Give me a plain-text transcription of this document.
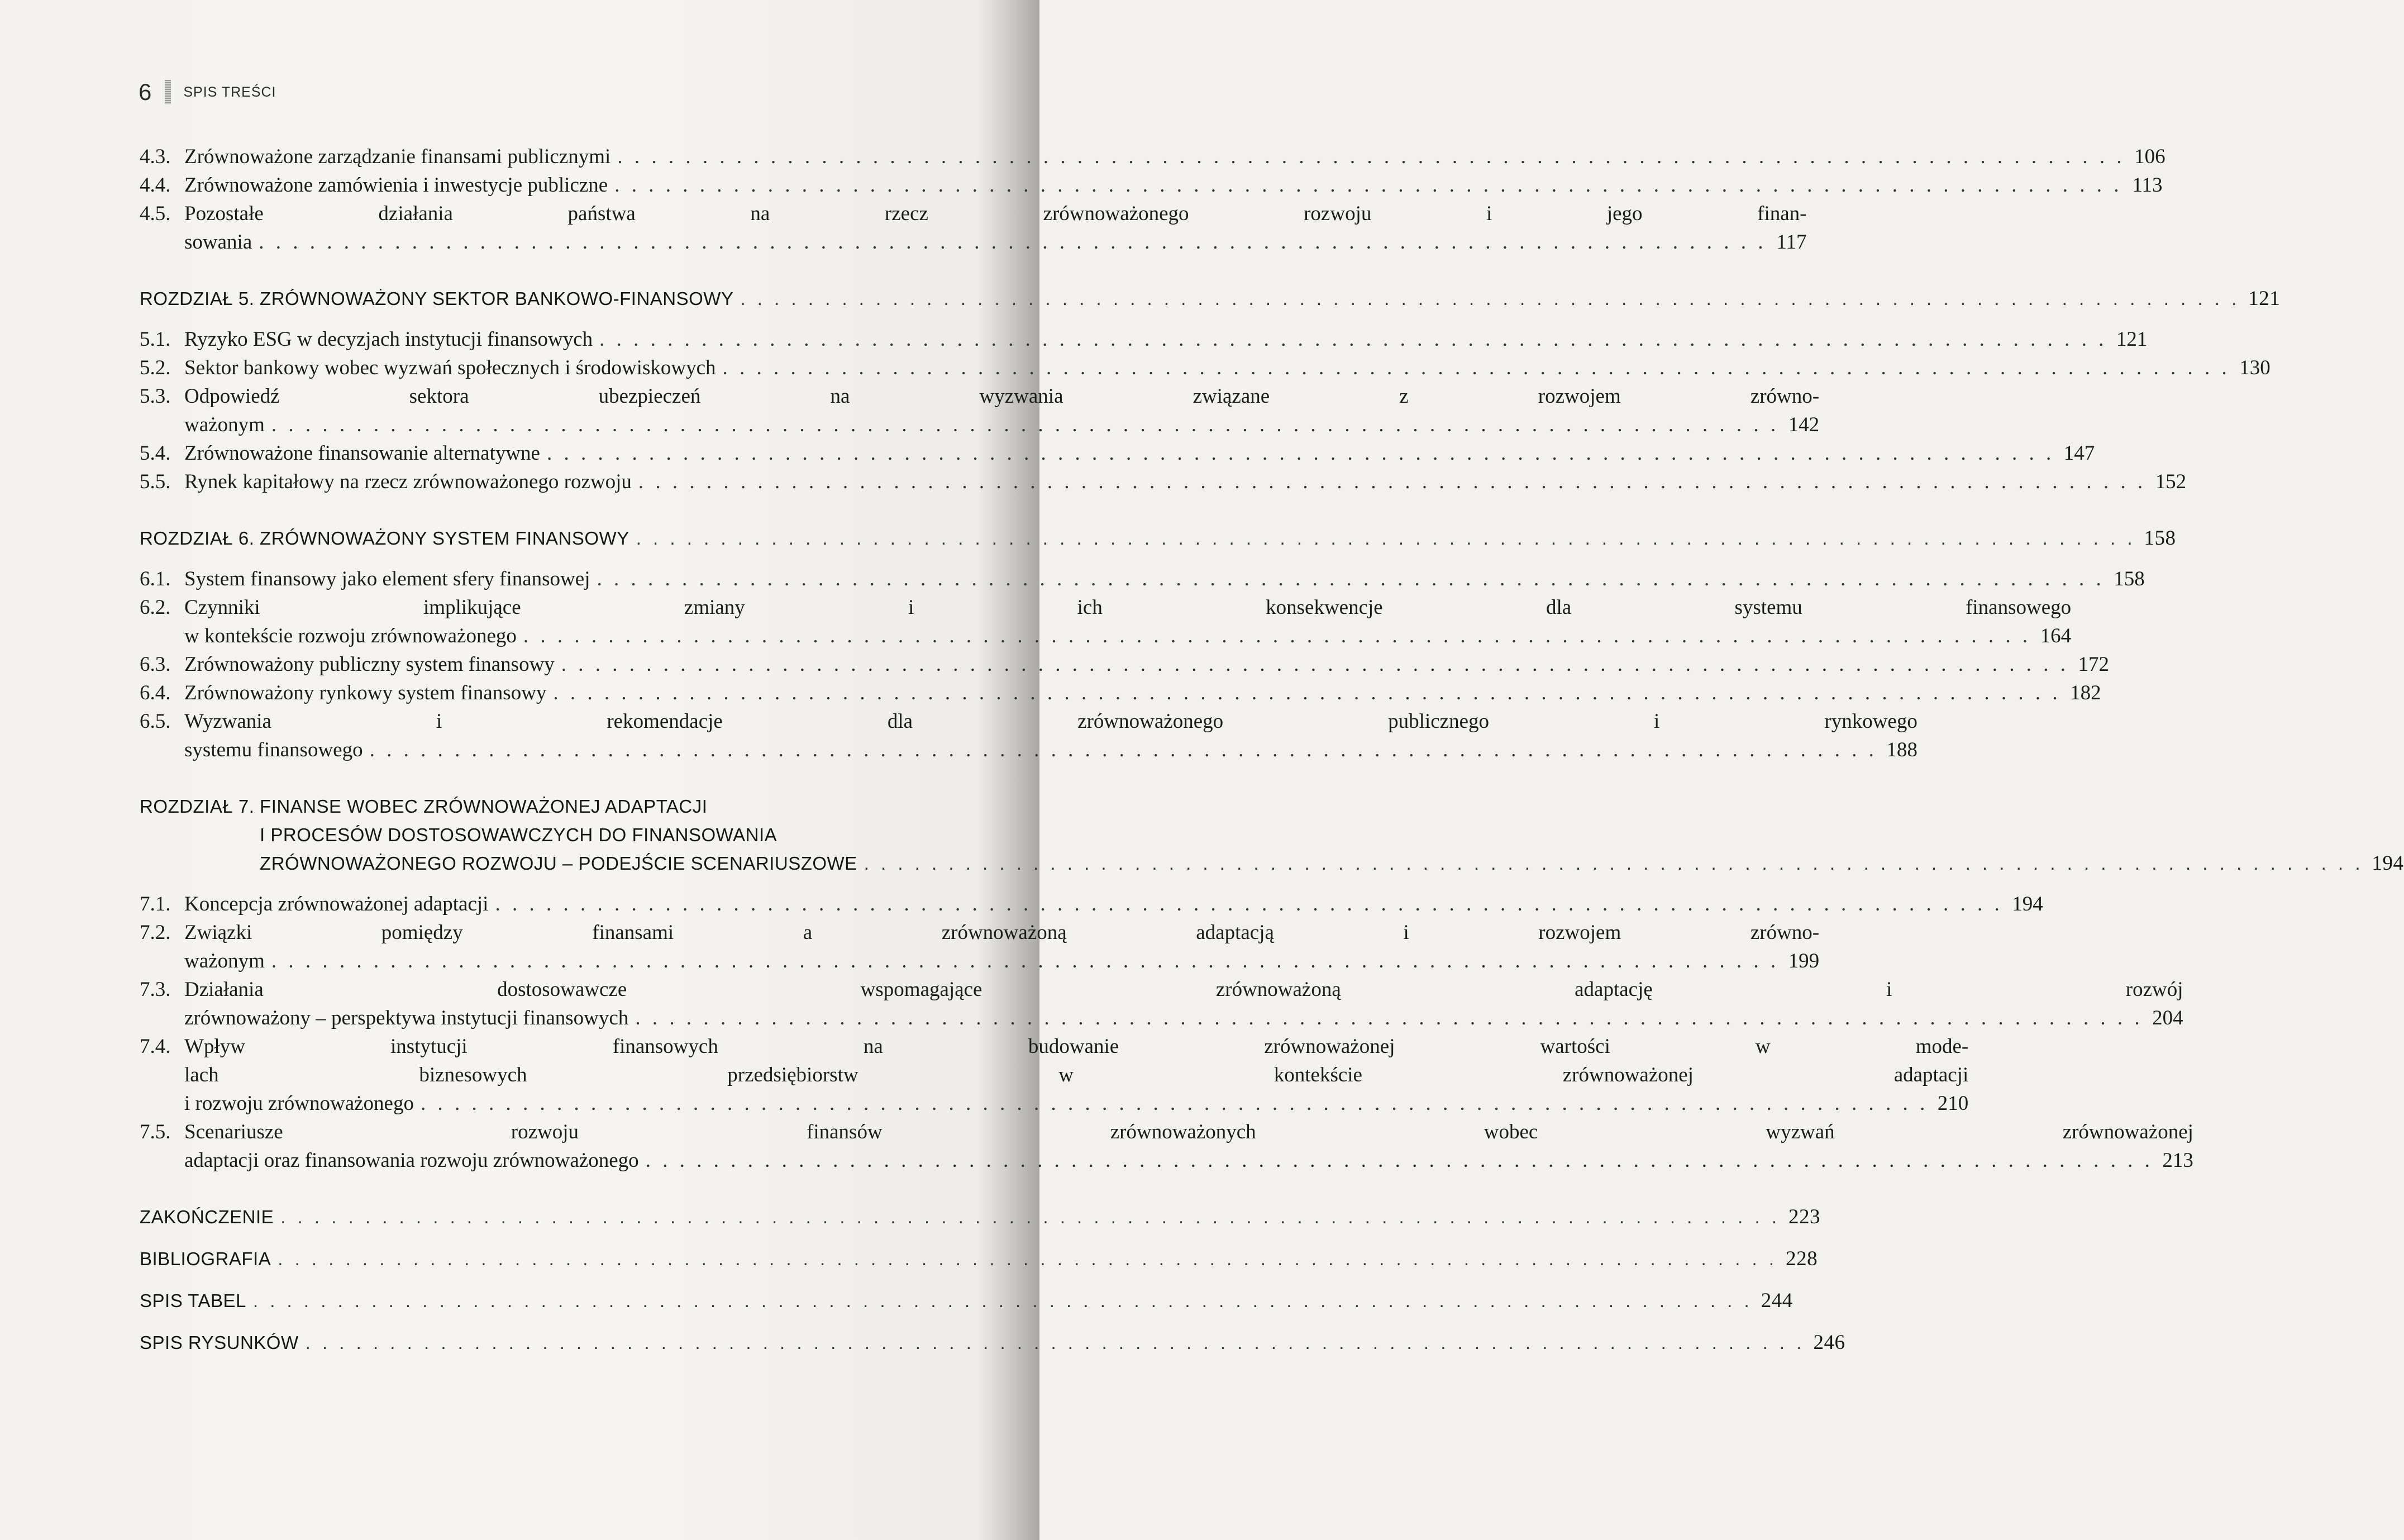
6 SPIS TREŚCI
4.3. Zrównoważone zarządzanie finansami publicznymi . . .	106
4.4. Zrównoważone zamówienia i inwestycje publiczne . . .	113
4.5. Pozostałe działania państwa na rzecz zrównoważonego rozwoju i jego finan-
sowania . . .	117
ROZDZIAŁ 5. ZRÓWNOWAŻONY SEKTOR BANKOWO-FINANSOWY . . .	121
5.1. Ryzyko ESG w decyzjach instytucji finansowych . . .	121
5.2. Sektor bankowy wobec wyzwań społecznych i środowiskowych . . .	130
5.3. Odpowiedź sektora ubezpieczeń na wyzwania związane z rozwojem zrówno-
ważonym . . .	142
5.4. Zrównoważone finansowanie alternatywne . . .	147
5.5. Rynek kapitałowy na rzecz zrównoważonego rozwoju . . .	152
ROZDZIAŁ 6. ZRÓWNOWAŻONY SYSTEM FINANSOWY . . .	158
6.1. System finansowy jako element sfery finansowej . . .	158
6.2. Czynniki implikujące zmiany i ich konsekwencje dla systemu finansowego
w kontekście rozwoju zrównoważonego . . .	164
6.3. Zrównoważony publiczny system finansowy . . .	172
6.4. Zrównoważony rynkowy system finansowy . . .	182
6.5. Wyzwania i rekomendacje dla zrównoważonego publicznego i rynkowego
systemu finansowego . . .	188
ROZDZIAŁ 7. FINANSE WOBEC ZRÓWNOWAŻONEJ ADAPTACJI
I PROCESÓW DOSTOSOWAWCZYCH DO FINANSOWANIA
ZRÓWNOWAŻONEGO ROZWOJU – PODEJŚCIE SCENARIUSZOWE . . .	194
7.1. Koncepcja zrównoważonej adaptacji . . .	194
7.2. Związki pomiędzy finansami a zrównoważoną adaptacją i rozwojem zrówno-
ważonym . . .	199
7.3. Działania dostosowawcze wspomagające zrównoważoną adaptację i rozwój
zrównoważony – perspektywa instytucji finansowych . . .	204
7.4. Wpływ instytucji finansowych na budowanie zrównoważonej wartości w mode-
lach biznesowych przedsiębiorstw w kontekście zrównoważonej adaptacji
i rozwoju zrównoważonego . . .	210
7.5. Scenariusze rozwoju finansów zrównoważonych wobec wyzwań zrównoważonej
adaptacji oraz finansowania rozwoju zrównoważonego . . .	213
ZAKOŃCZENIE . . .	223
BIBLIOGRAFIA . . .	228
SPIS TABEL . . .	244
SPIS RYSUNKÓW . . .	246
